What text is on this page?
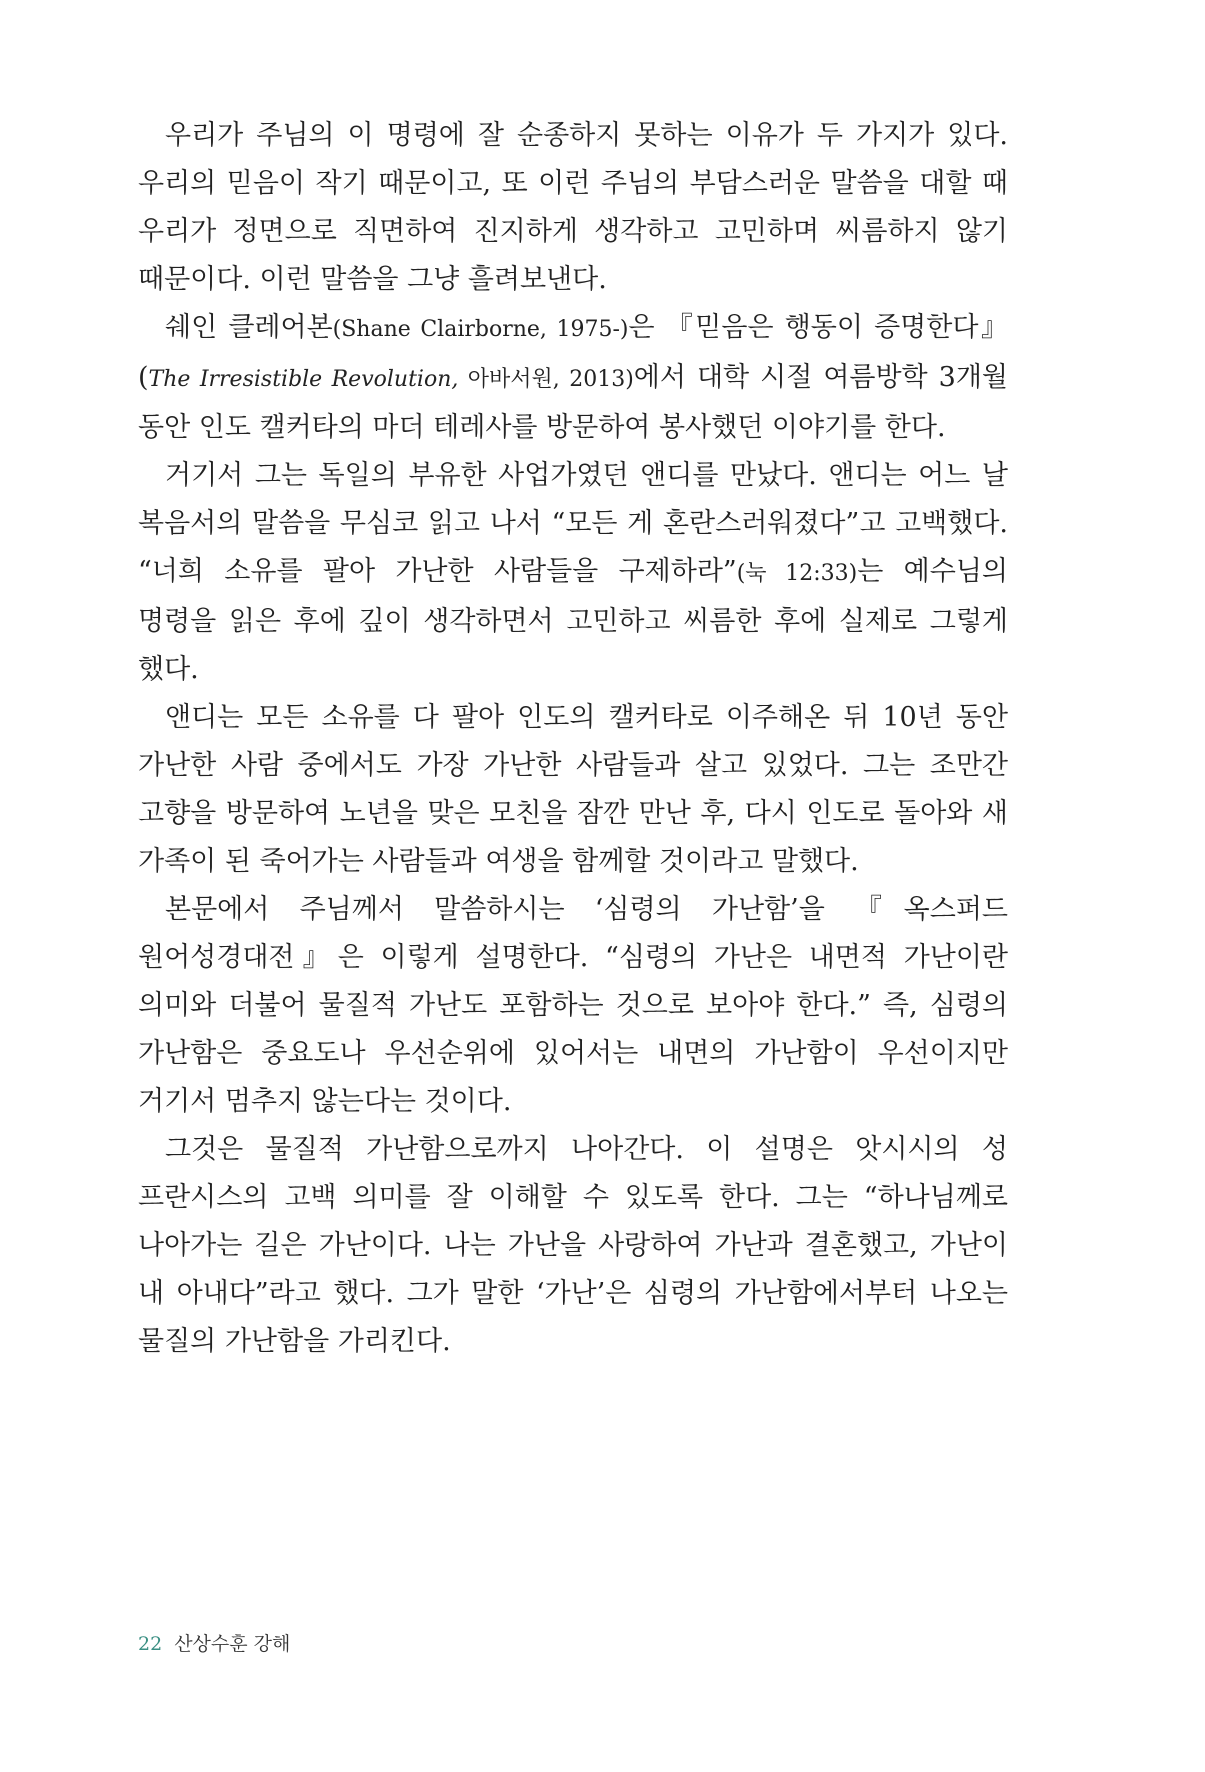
우리가 주님의 이 명령에 잘 순종하지 못하는 이유가 두 가지가 있다. 우리의 믿음이 작기 때문이고, 또 이런 주님의 부담스러운 말씀을 대할 때 우리가 정면으로 직면하여 진지하게 생각하고 고민하며 씨름하지 않기 때문이다. 이런 말씀을 그냥 흘려보낸다.

쉐인 클레어본(Shane Clairborne, 1975-)은 『믿음은 행동이 증명한다』(The Irresistible Revolution, 아바서원, 2013)에서 대학 시절 여름방학 3개월 동안 인도 캘커타의 마더 테레사를 방문하여 봉사했던 이야기를 한다.

거기서 그는 독일의 부유한 사업가였던 앤디를 만났다. 앤디는 어느 날 복음서의 말씀을 무심코 읽고 나서 “모든 게 혼란스러워졌다”고 고백했다. “너희 소유를 팔아 가난한 사람들을 구제하라”(눅 12:33)는 예수님의 명령을 읽은 후에 깊이 생각하면서 고민하고 씨름한 후에 실제로 그렇게 했다.

앤디는 모든 소유를 다 팔아 인도의 캘커타로 이주해온 뒤 10년 동안 가난한 사람 중에서도 가장 가난한 사람들과 살고 있었다. 그는 조만간 고향을 방문하여 노년을 맞은 모친을 잠깐 만난 후, 다시 인도로 돌아와 새 가족이 된 죽어가는 사람들과 여생을 함께할 것이라고 말했다.

본문에서 주님께서 말씀하시는 ‘심령의 가난함’을 『옥스퍼드 원어성경대전』은 이렇게 설명한다. “심령의 가난은 내면적 가난이란 의미와 더불어 물질적 가난도 포함하는 것으로 보아야 한다.” 즉, 심령의 가난함은 중요도나 우선순위에 있어서는 내면의 가난함이 우선이지만 거기서 멈추지 않는다는 것이다.

그것은 물질적 가난함으로까지 나아간다. 이 설명은 앗시시의 성 프란시스의 고백 의미를 잘 이해할 수 있도록 한다. 그는 “하나님께로 나아가는 길은 가난이다. 나는 가난을 사랑하여 가난과 결혼했고, 가난이 내 아내다”라고 했다. 그가 말한 ‘가난’은 심령의 가난함에서부터 나오는 물질의 가난함을 가리킨다.

22 산상수훈 강해
